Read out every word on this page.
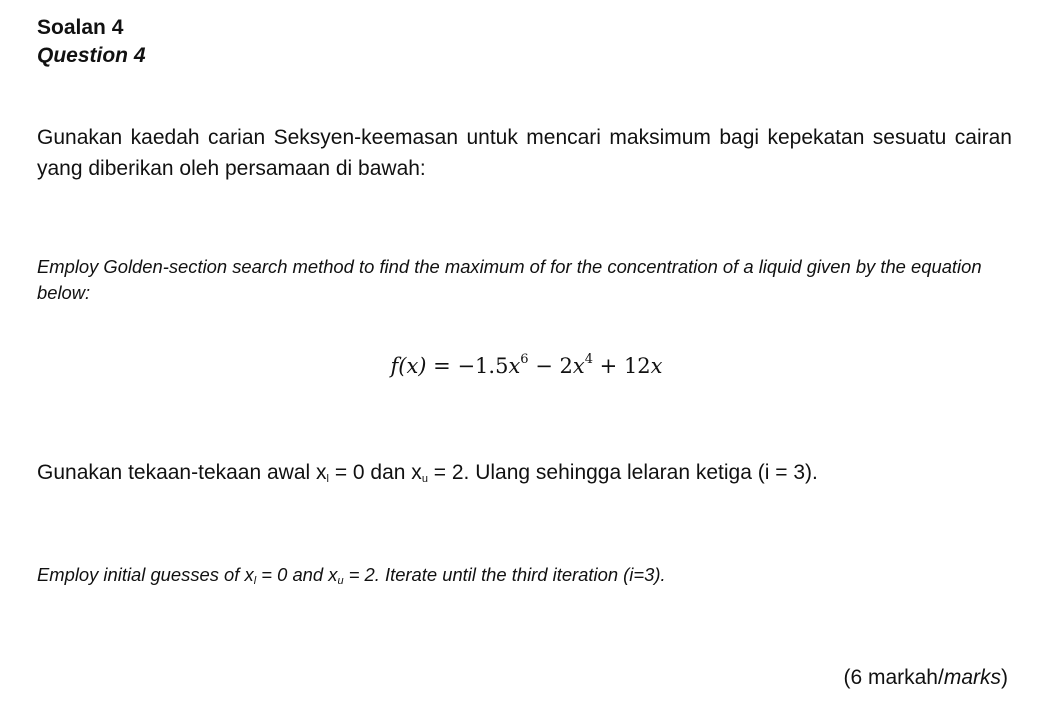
Soalan 4
Question 4
Gunakan kaedah carian Seksyen-keemasan untuk mencari maksimum bagi kepekatan sesuatu cairan yang diberikan oleh persamaan di bawah:
Employ Golden-section search method to find the maximum of for the concentration of a liquid given by the equation below:
$f(x) = -1.5x^6 - 2x^4 + 12x$
Gunakan tekaan-tekaan awal $x_l = 0$ dan $x_u = 2$. Ulang sehingga lelaran ketiga (i = 3).
Employ initial guesses of $x_l = 0$ and $x_u = 2$. Iterate until the third iteration (i=3).
(6 markah/marks)
